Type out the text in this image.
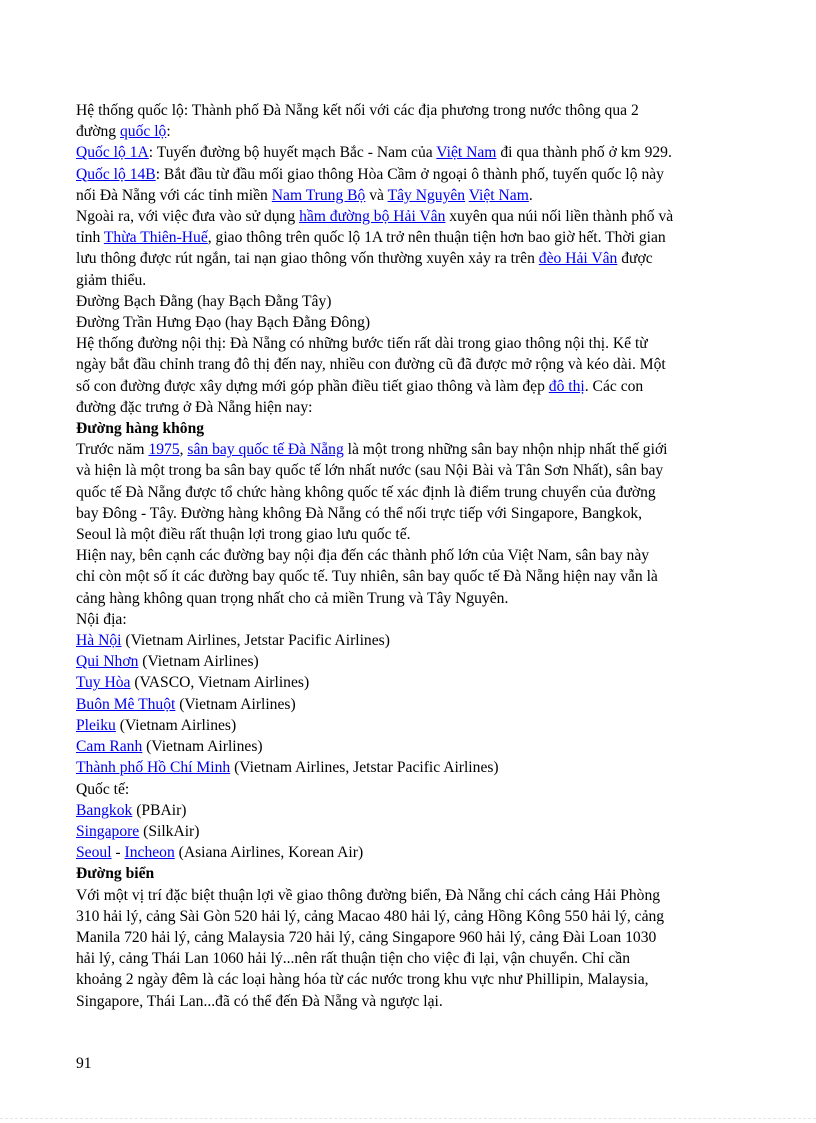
Hệ thống quốc lộ: Thành phố Đà Nẵng kết nối với các địa phương trong nước thông qua 2
đường quốc lộ:
Quốc lộ 1A: Tuyến đường bộ huyết mạch Bắc - Nam của Việt Nam đi qua thành phố ở km 929.
Quốc lộ 14B: Bắt đầu từ đầu mối giao thông Hòa Cầm ở ngoại ô thành phố, tuyến quốc lộ này
nối Đà Nẵng với các tỉnh miền Nam Trung Bộ và Tây Nguyên Việt Nam.
Ngoài ra, với việc đưa vào sử dụng hầm đường bộ Hải Vân xuyên qua núi nối liền thành phố và
tỉnh Thừa Thiên-Huế, giao thông trên quốc lộ 1A trở nên thuận tiện hơn bao giờ hết. Thời gian
lưu thông được rút ngắn, tai nạn giao thông vốn thường xuyên xảy ra trên đèo Hải Vân được
giảm thiểu.
Đường Bạch Đằng (hay Bạch Đằng Tây)
Đường Trần Hưng Đạo (hay Bạch Đằng Đông)
Hệ thống đường nội thị: Đà Nẵng có những bước tiến rất dài trong giao thông nội thị. Kể từ
ngày bắt đầu chỉnh trang đô thị đến nay, nhiều con đường cũ đã được mở rộng và kéo dài. Một
số con đường được xây dựng mới góp phần điều tiết giao thông và làm đẹp đô thị. Các con
đường đặc trưng ở Đà Nẵng hiện nay:
Đường hàng không
Trước năm 1975, sân bay quốc tế Đà Nẵng là một trong những sân bay nhộn nhịp nhất thế giới
và hiện là một trong ba sân bay quốc tế lớn nhất nước (sau Nội Bài và Tân Sơn Nhất), sân bay
quốc tế Đà Nẵng được tổ chức hàng không quốc tế xác định là điểm trung chuyển của đường
bay Đông - Tây. Đường hàng không Đà Nẵng có thể nối trực tiếp với Singapore, Bangkok,
Seoul là một điều rất thuận lợi trong giao lưu quốc tế.
Hiện nay, bên cạnh các đường bay nội địa đến các thành phố lớn của Việt Nam, sân bay này
chỉ còn một số ít các đường bay quốc tế. Tuy nhiên, sân bay quốc tế Đà Nẵng hiện nay vẫn là
cảng hàng không quan trọng nhất cho cả miền Trung và Tây Nguyên.
Nội địa:
Hà Nội (Vietnam Airlines, Jetstar Pacific Airlines)
Qui Nhơn (Vietnam Airlines)
Tuy Hòa (VASCO, Vietnam Airlines)
Buôn Mê Thuột (Vietnam Airlines)
Pleiku (Vietnam Airlines)
Cam Ranh (Vietnam Airlines)
Thành phố Hồ Chí Minh (Vietnam Airlines, Jetstar Pacific Airlines)
Quốc tế:
Bangkok (PBAir)
Singapore (SilkAir)
Seoul - Incheon (Asiana Airlines, Korean Air)
Đường biển
Với một vị trí đặc biệt thuận lợi về giao thông đường biển, Đà Nẵng chỉ cách cảng Hải Phòng
310 hải lý, cảng Sài Gòn 520 hải lý, cảng Macao 480 hải lý, cảng Hồng Kông 550 hải lý, cảng
Manila 720 hải lý, cảng Malaysia 720 hải lý, cảng Singapore 960 hải lý, cảng Đài Loan 1030
hải lý, cảng Thái Lan 1060 hải lý...nên rất thuận tiện cho việc đi lại, vận chuyển. Chỉ cần
khoảng 2 ngày đêm là các loại hàng hóa từ các nước trong khu vực như Phillipin, Malaysia,
Singapore, Thái Lan...đã có thể đến Đà Nẵng và ngược lại.
91
